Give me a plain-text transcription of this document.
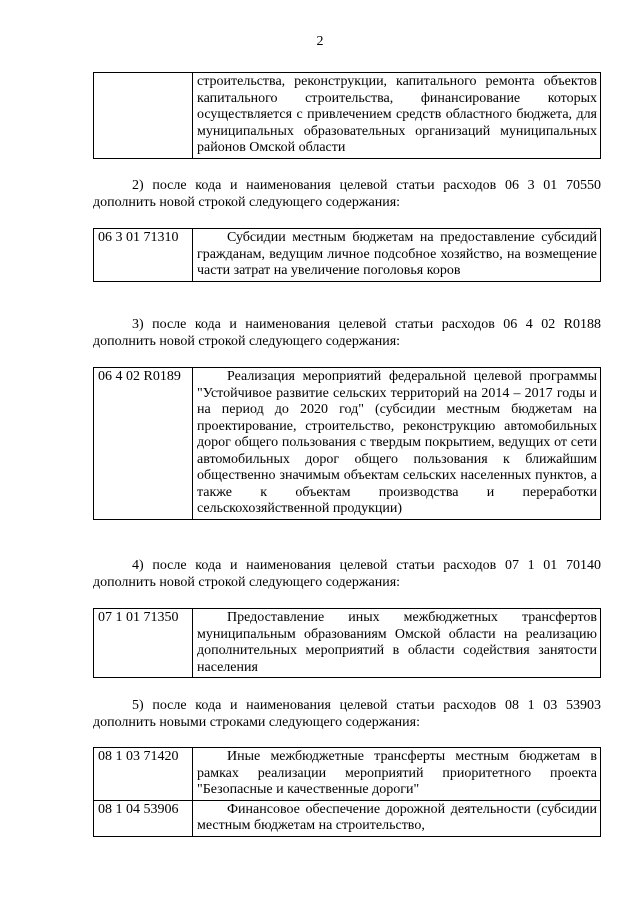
2
	строительства, реконструкции, капитального ремонта объектов капитального строительства, финансирование которых осуществляется с привлечением средств областного бюджета, для муниципальных образовательных организаций муниципальных районов Омской области

2) после кода и наименования целевой статьи расходов 06 3 01 70550 дополнить новой строкой следующего содержания:

06 3 01 71310	Субсидии местным бюджетам на предоставление субсидий гражданам, ведущим личное подсобное хозяйство, на возмещение части затрат на увеличение поголовья коров

3) после кода и наименования целевой статьи расходов 06 4 02 R0188 дополнить новой строкой следующего содержания:

06 4 02 R0189	Реализация мероприятий федеральной целевой программы "Устойчивое развитие сельских территорий на 2014 – 2017 годы и на период до 2020 год" (субсидии местным бюджетам на проектирование, строительство, реконструкцию автомобильных дорог общего пользования с твердым покрытием, ведущих от сети автомобильных дорог общего пользования к ближайшим общественно значимым объектам сельских населенных пунктов, а также к объектам производства и переработки сельскохозяйственной продукции)

4) после кода и наименования целевой статьи расходов 07 1 01 70140 дополнить новой строкой следующего содержания:

07 1 01 71350	Предоставление иных межбюджетных трансфертов муниципальным образованиям Омской области на реализацию дополнительных мероприятий в области содействия занятости населения

5) после кода и наименования целевой статьи расходов 08 1 03 53903 дополнить новыми строками следующего содержания:

08 1 03 71420	Иные межбюджетные трансферты местным бюджетам в рамках реализации мероприятий приоритетного проекта "Безопасные и качественные дороги"
08 1 04 53906	Финансовое обеспечение дорожной деятельности (субсидии местным бюджетам на строительство,
